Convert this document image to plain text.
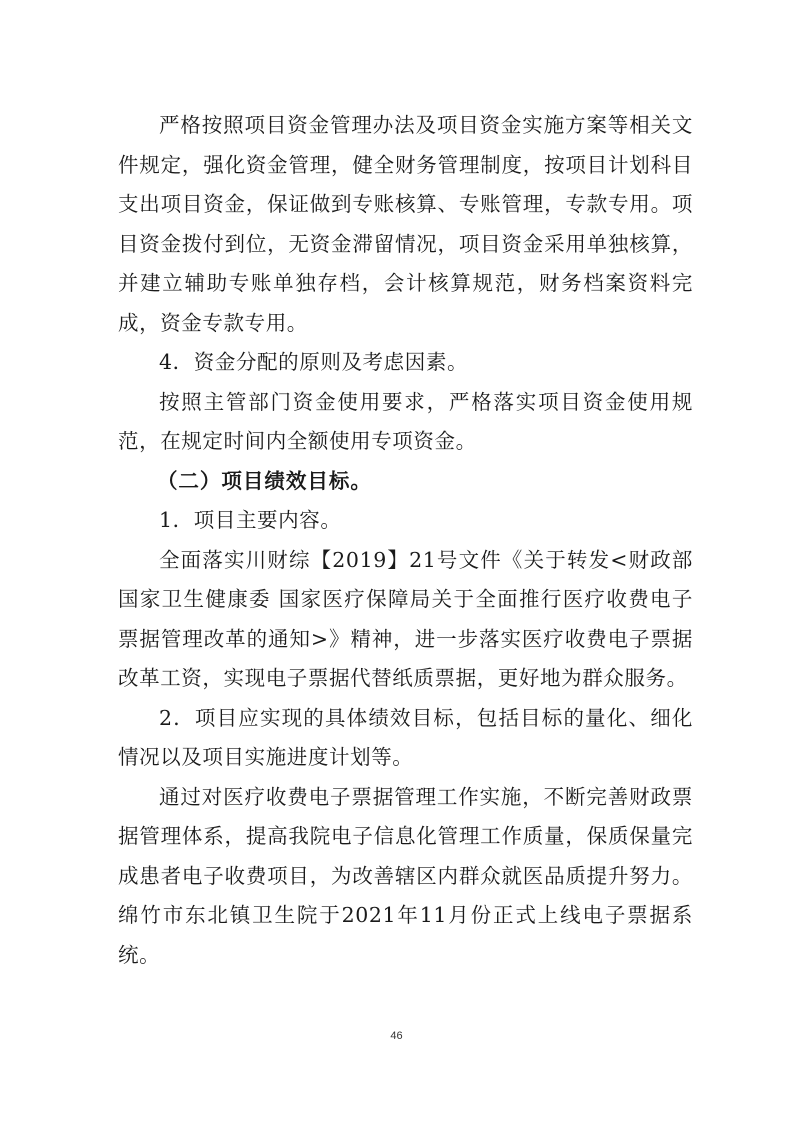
严格按照项目资金管理办法及项目资金实施方案等相关文件规定，强化资金管理，健全财务管理制度，按项目计划科目支出项目资金，保证做到专账核算、专账管理，专款专用。项目资金拨付到位，无资金滞留情况，项目资金采用单独核算，并建立辅助专账单独存档，会计核算规范，财务档案资料完成，资金专款专用。

4．资金分配的原则及考虑因素。

按照主管部门资金使用要求，严格落实项目资金使用规范，在规定时间内全额使用专项资金。

（二）项目绩效目标。

1．项目主要内容。

全面落实川财综【2019】21号文件《关于转发<财政部 国家卫生健康委 国家医疗保障局关于全面推行医疗收费电子票据管理改革的通知>》精神，进一步落实医疗收费电子票据改革工资，实现电子票据代替纸质票据，更好地为群众服务。

2．项目应实现的具体绩效目标，包括目标的量化、细化情况以及项目实施进度计划等。

通过对医疗收费电子票据管理工作实施，不断完善财政票据管理体系，提高我院电子信息化管理工作质量，保质保量完成患者电子收费项目，为改善辖区内群众就医品质提升努力。绵竹市东北镇卫生院于2021年11月份正式上线电子票据系统。

46
